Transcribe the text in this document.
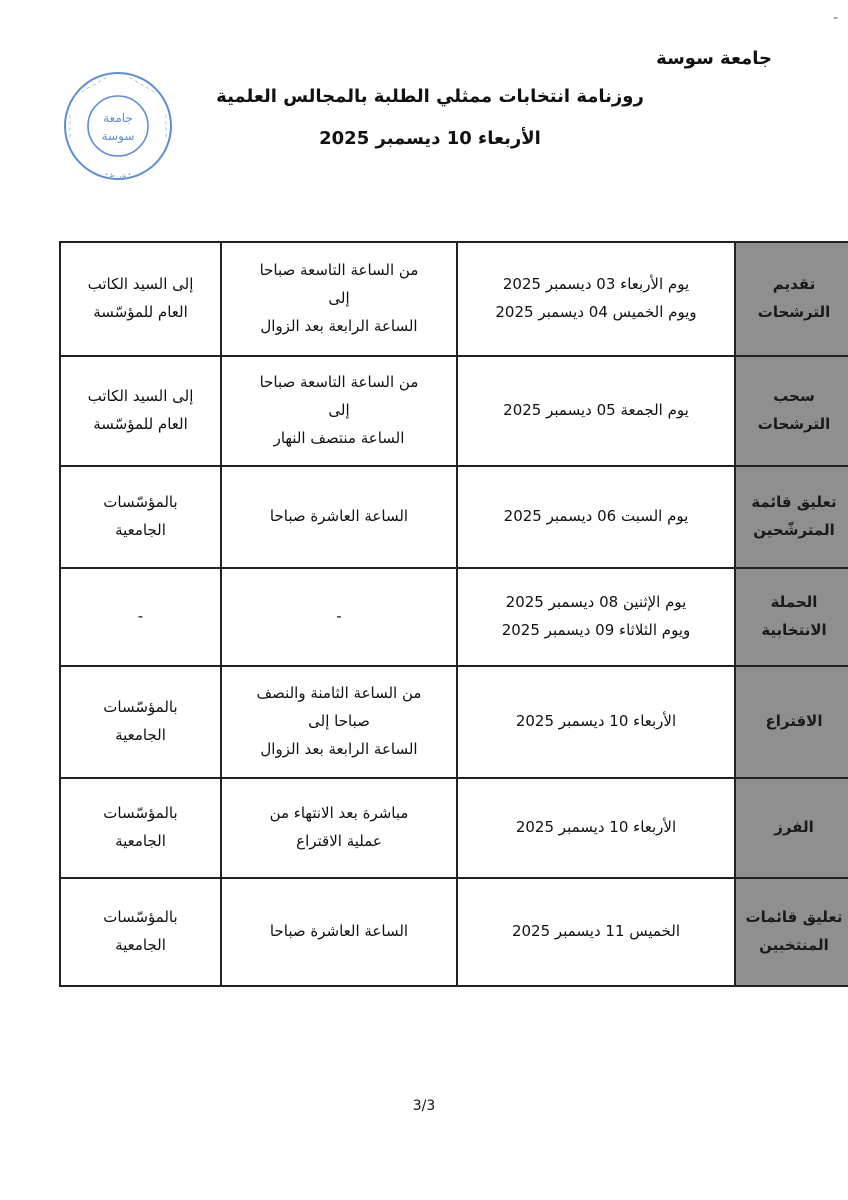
-
جامعة سوسة
روزنامة انتخابات ممثلي الطلبة بالمجالس العلمية
الأربعاء 10 ديسمبر 2025
~ ~ ~ ~ ~	~ ~ ~ ~ ~
~ ~ ~ ~
~ ~ ~ ~
* ش . ط *
جامعة
سوسة
تقديم الترشحات	يوم الأربعاء 03 ديسمبر 2025
ويوم الخميس 04 ديسمبر 2025	من الساعة التاسعة صباحا
إلى
الساعة الرابعة بعد الزوال	إلى السيد الكاتب
العام للمؤسّسة

سحب الترشحات	يوم الجمعة 05 ديسمبر 2025	من الساعة التاسعة صباحا
إلى
الساعة منتصف النهار	إلى السيد الكاتب
العام للمؤسّسة

تعليق قائمة المترشّحين	يوم السبت 06 ديسمبر 2025	الساعة العاشرة صباحا	بالمؤسّسات
الجامعية

الحملة الانتخابية	يوم الإثنين 08 ديسمبر 2025
ويوم الثلاثاء 09 ديسمبر 2025	-	-

الاقتراع	الأربعاء 10 ديسمبر 2025	من الساعة الثامنة والنصف
صباحا إلى
الساعة الرابعة بعد الزوال	بالمؤسّسات
الجامعية

الفرز	الأربعاء 10 ديسمبر 2025	مباشرة بعد الانتهاء من
عملية الاقتراع	بالمؤسّسات
الجامعية

تعليق قائمات المنتخبين	الخميس 11 ديسمبر 2025	الساعة العاشرة صباحا	بالمؤسّسات
الجامعية
3/3
